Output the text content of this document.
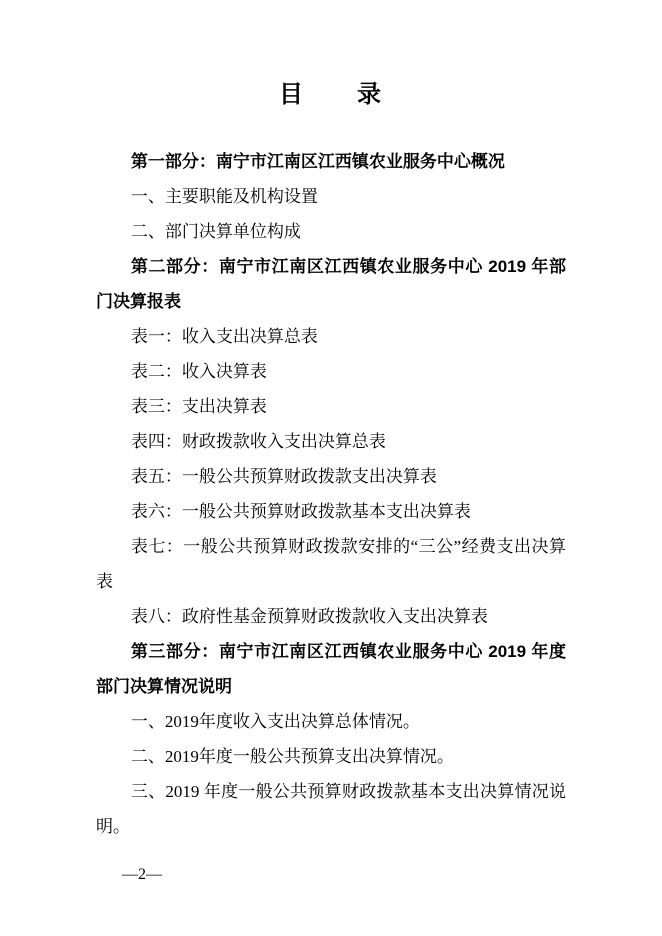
目　　录

第一部分：南宁市江南区江西镇农业服务中心概况

一、主要职能及机构设置

二、部门决算单位构成

第二部分：南宁市江南区江西镇农业服务中心 2019 年部门决算报表

表一：收入支出决算总表

表二：收入决算表

表三：支出决算表

表四：财政拨款收入支出决算总表

表五：一般公共预算财政拨款支出决算表

表六：一般公共预算财政拨款基本支出决算表

表七：一般公共预算财政拨款安排的“三公”经费支出决算表

表八：政府性基金预算财政拨款收入支出决算表

第三部分：南宁市江南区江西镇农业服务中心 2019 年度部门决算情况说明

一、2019年度收入支出决算总体情况。

二、2019年度一般公共预算支出决算情况。

三、2019 年度一般公共预算财政拨款基本支出决算情况说明。

—2—
